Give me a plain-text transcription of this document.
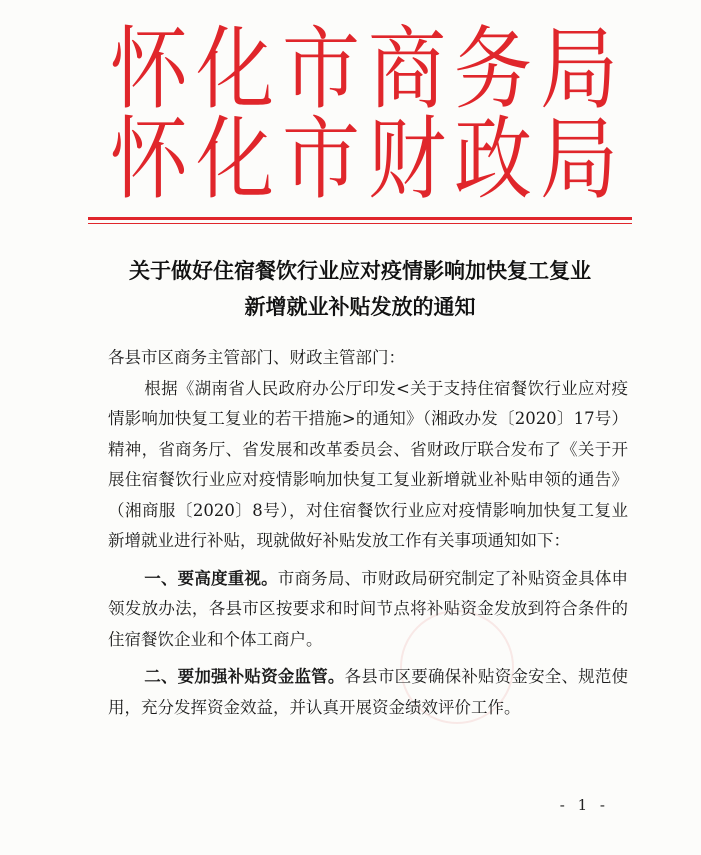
怀化市商务局
怀化市财政局
关于做好住宿餐饮行业应对疫情影响加快复工复业
新增就业补贴发放的通知

各县市区商务主管部门、财政主管部门：

根据《湖南省人民政府办公厅印发<关于支持住宿餐饮行业应对疫情影响加快复工复业的若干措施>的通知》（湘政办发〔2020〕17号）精神，省商务厅、省发展和改革委员会、省财政厅联合发布了《关于开展住宿餐饮行业应对疫情影响加快复工复业新增就业补贴申领的通告》（湘商服〔2020〕8号），对住宿餐饮行业应对疫情影响加快复工复业新增就业进行补贴，现就做好补贴发放工作有关事项通知如下：

一、要高度重视。市商务局、市财政局研究制定了补贴资金具体申领发放办法，各县市区按要求和时间节点将补贴资金发放到符合条件的住宿餐饮企业和个体工商户。

二、要加强补贴资金监管。各县市区要确保补贴资金安全、规范使用，充分发挥资金效益，并认真开展资金绩效评价工作。

- 1 -
